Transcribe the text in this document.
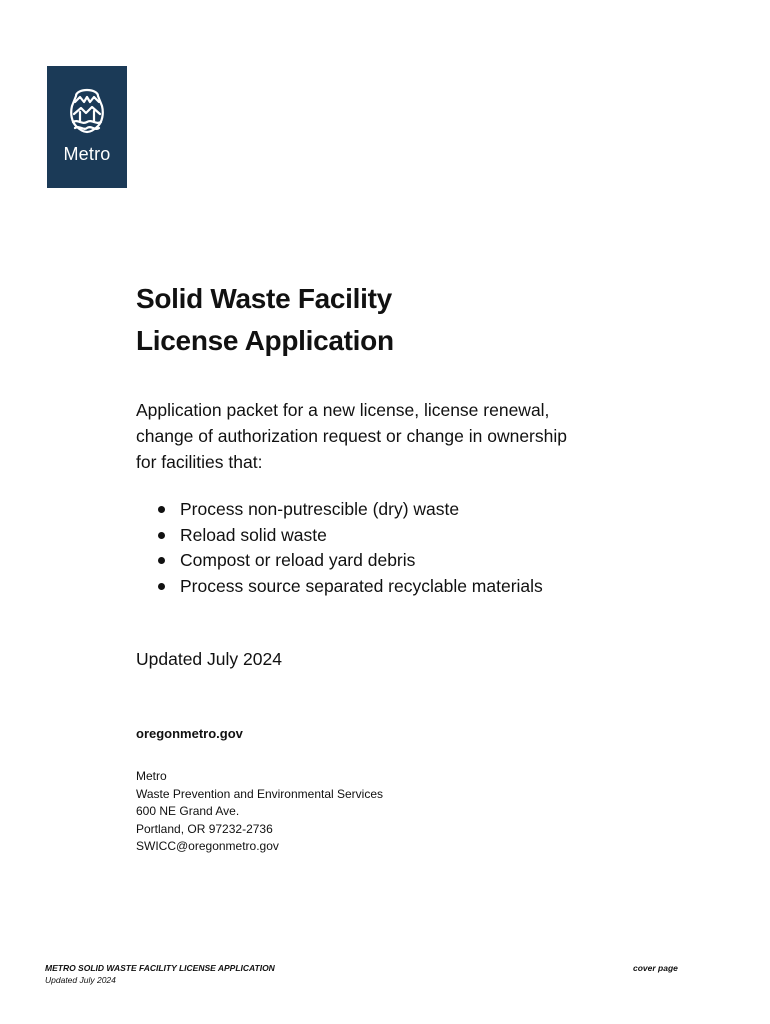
Metro
Solid Waste Facility
License Application

Application packet for a new license, license renewal,
change of authorization request or change in ownership
for facilities that:

Process non-putrescible (dry) waste
Reload solid waste
Compost or reload yard debris
Process source separated recyclable materials

Updated July 2024

oregonmetro.gov

Metro
Waste Prevention and Environmental Services
600 NE Grand Ave.
Portland, OR 97232-2736
SWICC@oregonmetro.gov

METRO SOLID WASTE FACILITY LICENSE APPLICATION
Updated July 2024
cover page
